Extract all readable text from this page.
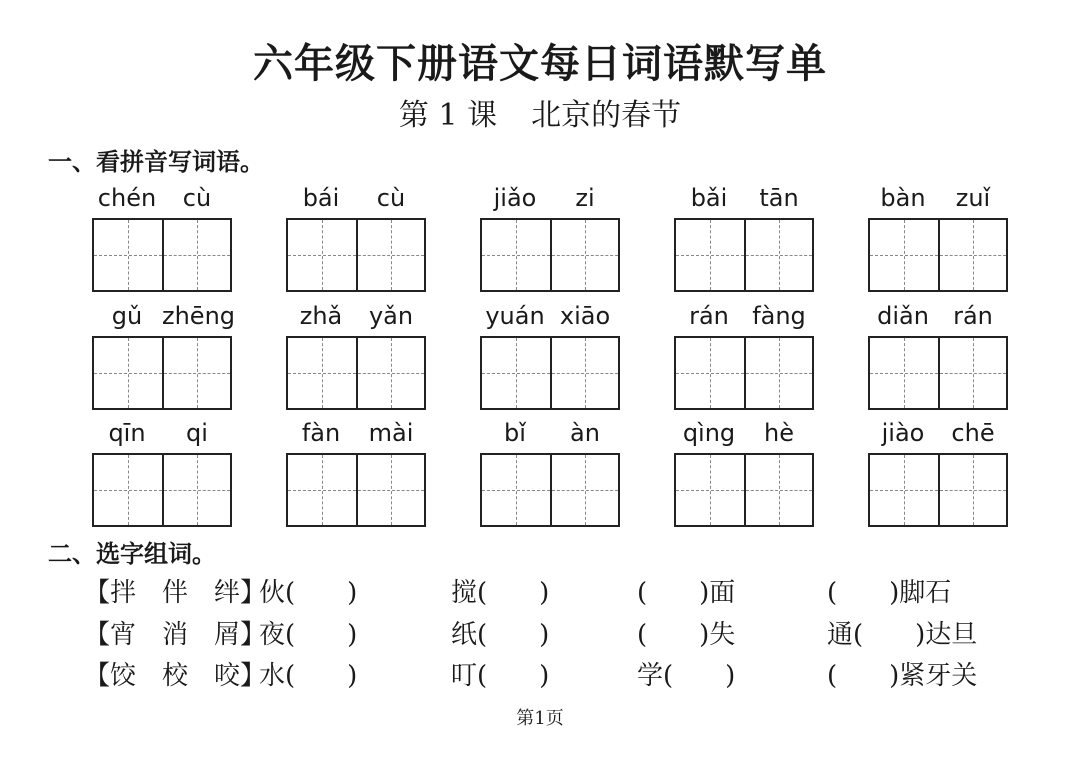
六年级下册语文每日词语默写单
第 1 课 北京的春节
一、看拼音写词语。
chén	cù	bái	cù	jiǎo	zi	bǎi	tān	bàn	zuǐ
gǔ zhēng	zhǎ	yǎn	yuán xiāo	rán fàng	diǎn	rán
qīn	qi	fàn	mài	bǐ	àn	qìng	hè	jiào	chē
二、选字组词。
【拌　伴　绊】
伙(　　)	搅(　　)	(　　)面	(　　)脚石
【宵　消　屑】
夜(　　)	纸(　　)	(　　)失	通(　　)达旦
【饺　校　咬】
水(　　)	叮(　　)	学(　　)	(　　)紧牙关
第1页
